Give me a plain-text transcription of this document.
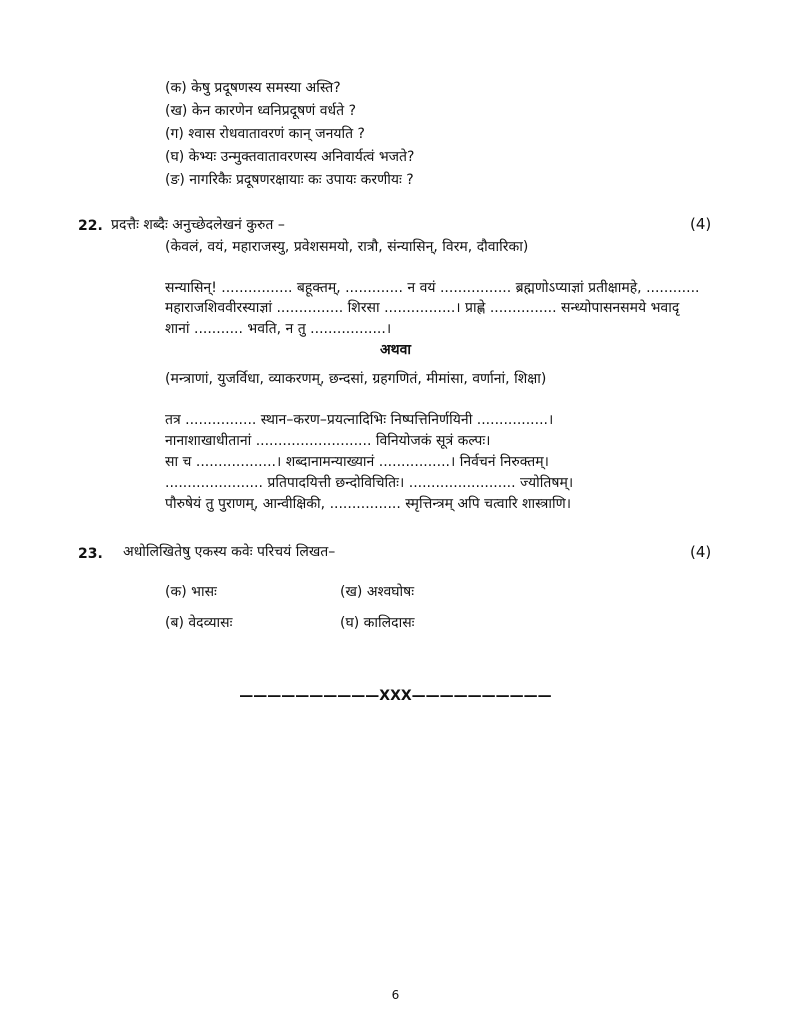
(क) केषु प्रदूषणस्य समस्या अस्ति?
(ख) केन कारणेन ध्वनिप्रदूषणं वर्धते ?
(ग) श्वास रोधवातावरणं कान् जनयति ?
(घ) केभ्यः उन्मुक्तवातावरणस्य अनिवार्यत्वं भजते?
(ङ) नागरिकैः प्रदूषणरक्षायाः कः उपायः करणीयः ?
22. प्रदत्तैः शब्दैः अनुच्छेदलेखनं कुरुत –	(4)
(केवलं, वयं, महाराजस्यु, प्रवेशसमयो, रात्रौ, संन्यासिन्, विरम, दौवारिका)
सन्यासिन्! ................ बहूक्तम्, ............. न वयं ................ ब्रह्मणोऽप्याज्ञां प्रतीक्षामहे, ............
महाराजशिववीरस्याज्ञां ............... शिरसा ................। प्राह्णे ............... सन्ध्योपासनसमये भवादृ
शानां ........... भवति, न तु .................।
अथवा
(मन्त्राणां, युजर्विधा, व्याकरणम्, छन्दसां, ग्रहगणितं, मीमांसा, वर्णानां, शिक्षा)
तत्र ................ स्थान–करण–प्रयत्नादिभिः निष्पत्तिनिर्णयिनी ................।
नानाशाखाधीतानां .......................... विनियोजकं सूत्रं कल्पः।
सा च ..................। शब्दानामन्याख्यानं ................। निर्वचनं निरुक्तम्।
...................... प्रतिपादयित्ती छन्दोविचितिः। ........................ ज्योतिषम्।
पौरुषेयं तु पुराणम्, आन्वीक्षिकी, ................ स्मृत्तिन्त्रम् अपि चत्वारि शास्त्राणि।
23. अधोलिखितेषु एकस्य कवेः परिचयं लिखत–	(4)
(क) भासः	(ख) अश्वघोषः
(ब) वेदव्यासः	(घ) कालिदासः
——————————XXX——————————
6
